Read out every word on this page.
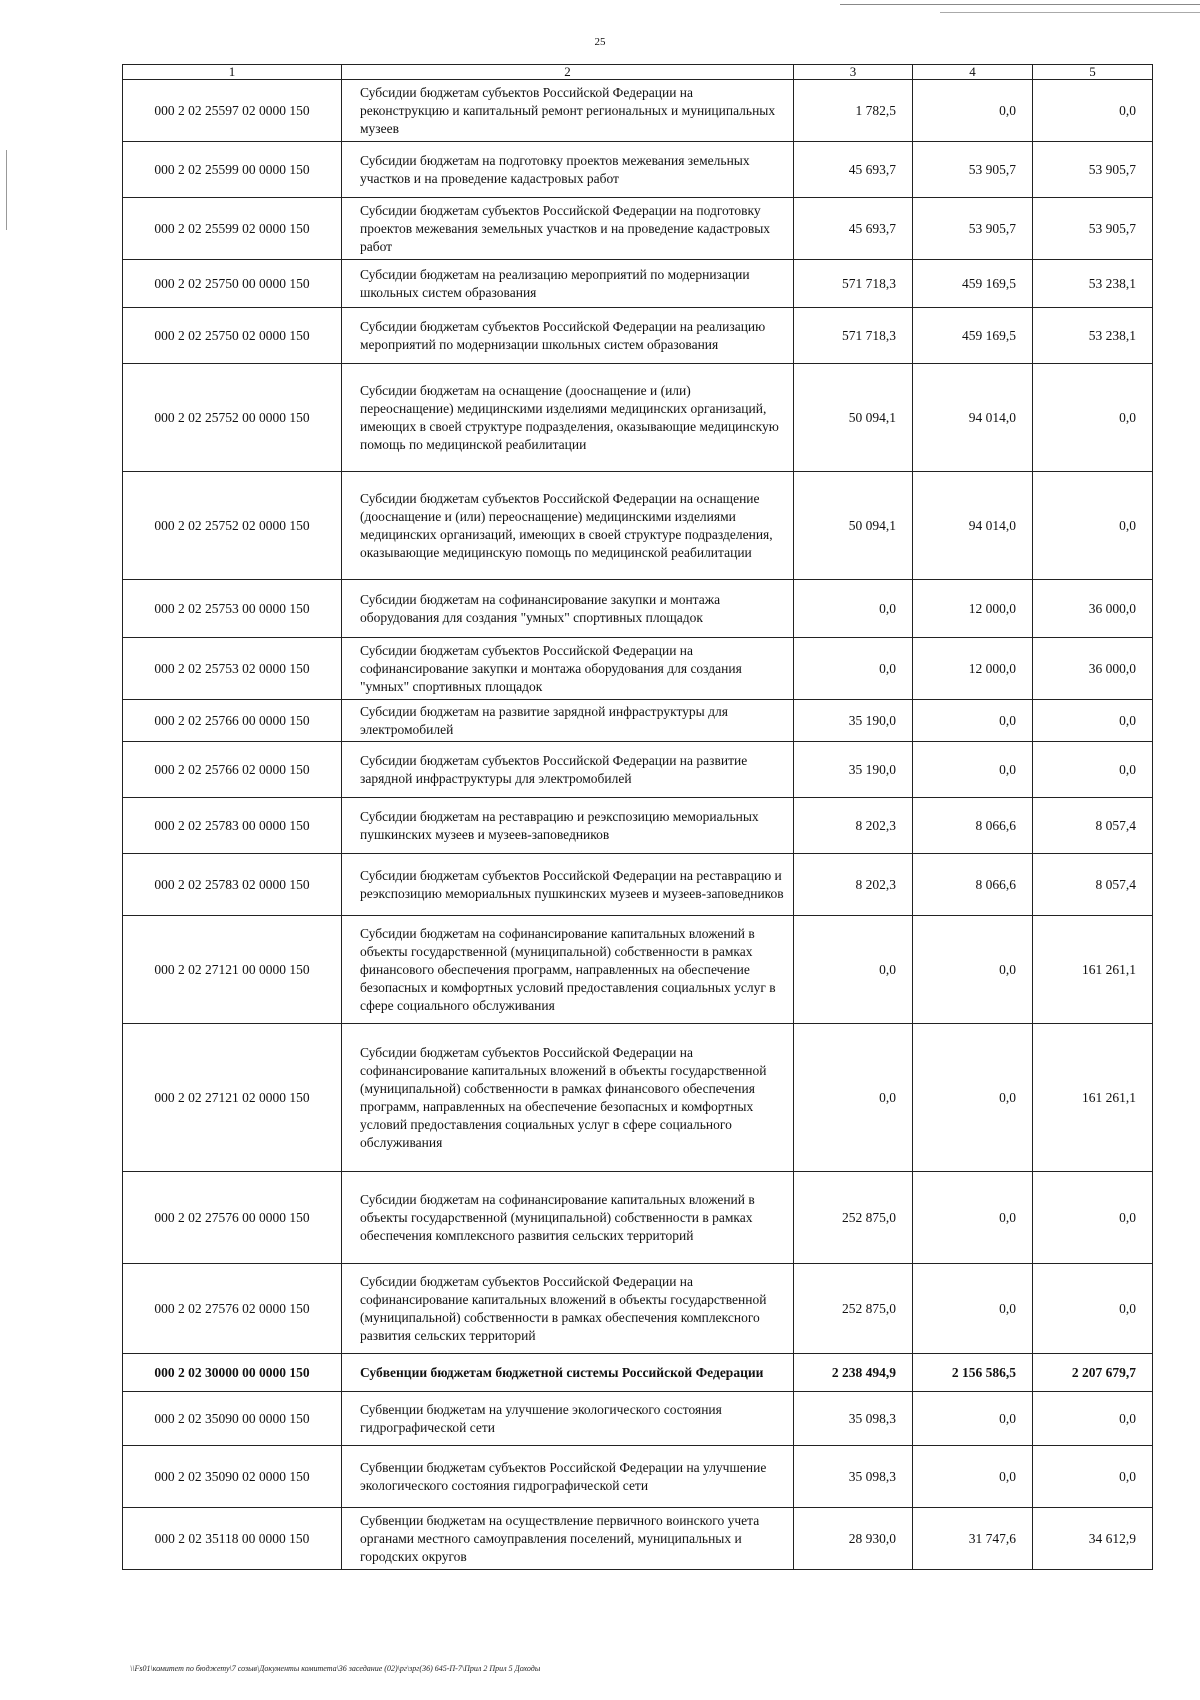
25
1	2	3	4	5
000 2 02 25597 02 0000 150	Субсидии бюджетам субъектов Российской Федерации на реконструкцию и капитальный ремонт региональных и муниципальных музеев	1 782,5	0,0	0,0
000 2 02 25599 00 0000 150	Субсидии бюджетам на подготовку проектов межевания земельных участков и на проведение кадастровых работ	45 693,7	53 905,7	53 905,7
000 2 02 25599 02 0000 150	Субсидии бюджетам субъектов Российской Федерации на подготовку проектов межевания земельных участков и на проведение кадастровых работ	45 693,7	53 905,7	53 905,7
000 2 02 25750 00 0000 150	Субсидии бюджетам на реализацию мероприятий по модернизации школьных систем образования	571 718,3	459 169,5	53 238,1
000 2 02 25750 02 0000 150	Субсидии бюджетам субъектов Российской Федерации на реализацию мероприятий по модернизации школьных систем образования	571 718,3	459 169,5	53 238,1
000 2 02 25752 00 0000 150	Субсидии бюджетам на оснащение (дооснащение и (или) переоснащение) медицинскими изделиями медицинских организаций, имеющих в своей структуре подразделения, оказывающие медицинскую помощь по медицинской реабилитации	50 094,1	94 014,0	0,0
000 2 02 25752 02 0000 150	Субсидии бюджетам субъектов Российской Федерации на оснащение (дооснащение и (или) переоснащение) медицинскими изделиями медицинских организаций, имеющих в своей структуре подразделения, оказывающие медицинскую помощь по медицинской реабилитации	50 094,1	94 014,0	0,0
000 2 02 25753 00 0000 150	Субсидии бюджетам на софинансирование закупки и монтажа оборудования для создания "умных" спортивных площадок	0,0	12 000,0	36 000,0
000 2 02 25753 02 0000 150	Субсидии бюджетам субъектов Российской Федерации на софинансирование закупки и монтажа оборудования для создания "умных" спортивных площадок	0,0	12 000,0	36 000,0
000 2 02 25766 00 0000 150	Субсидии бюджетам на развитие зарядной инфраструктуры для электромобилей	35 190,0	0,0	0,0
000 2 02 25766 02 0000 150	Субсидии бюджетам субъектов Российской Федерации на развитие зарядной инфраструктуры для электромобилей	35 190,0	0,0	0,0
000 2 02 25783 00 0000 150	Субсидии бюджетам на реставрацию и реэкспозицию мемориальных пушкинских музеев и музеев-заповедников	8 202,3	8 066,6	8 057,4
000 2 02 25783 02 0000 150	Субсидии бюджетам субъектов Российской Федерации на реставрацию и реэкспозицию мемориальных пушкинских музеев и музеев-заповедников	8 202,3	8 066,6	8 057,4
000 2 02 27121 00 0000 150	Субсидии бюджетам на софинансирование капитальных вложений в объекты государственной (муниципальной) собственности в рамках финансового обеспечения программ, направленных на обеспечение безопасных и комфортных условий предоставления социальных услуг в сфере социального обслуживания	0,0	0,0	161 261,1
000 2 02 27121 02 0000 150	Субсидии бюджетам субъектов Российской Федерации на софинансирование капитальных вложений в объекты государственной (муниципальной) собственности в рамках финансового обеспечения программ, направленных на обеспечение безопасных и комфортных условий предоставления социальных услуг в сфере социального обслуживания	0,0	0,0	161 261,1
000 2 02 27576 00 0000 150	Субсидии бюджетам на софинансирование капитальных вложений в объекты государственной (муниципальной) собственности в рамках обеспечения комплексного развития сельских территорий	252 875,0	0,0	0,0
000 2 02 27576 02 0000 150	Субсидии бюджетам субъектов Российской Федерации на софинансирование капитальных вложений в объекты государственной (муниципальной) собственности в рамках обеспечения комплексного развития сельских территорий	252 875,0	0,0	0,0
000 2 02 30000 00 0000 150	Субвенции бюджетам бюджетной системы Российской Федерации	2 238 494,9	2 156 586,5	2 207 679,7
000 2 02 35090 00 0000 150	Субвенции бюджетам на улучшение экологического состояния гидрографической сети	35 098,3	0,0	0,0
000 2 02 35090 02 0000 150	Субвенции бюджетам субъектов Российской Федерации на улучшение экологического состояния гидрографической сети	35 098,3	0,0	0,0
000 2 02 35118 00 0000 150	Субвенции бюджетам на осуществление первичного воинского учета органами местного самоуправления поселений, муниципальных и городских округов	28 930,0	31 747,6	34 612,9
\\Fs01\комитет по бюджету\7 созыв\Документы комитета\36 заседание (02)\рг\зрг(36) 645-П-7\Прил 2 Прил 5 Доходы
